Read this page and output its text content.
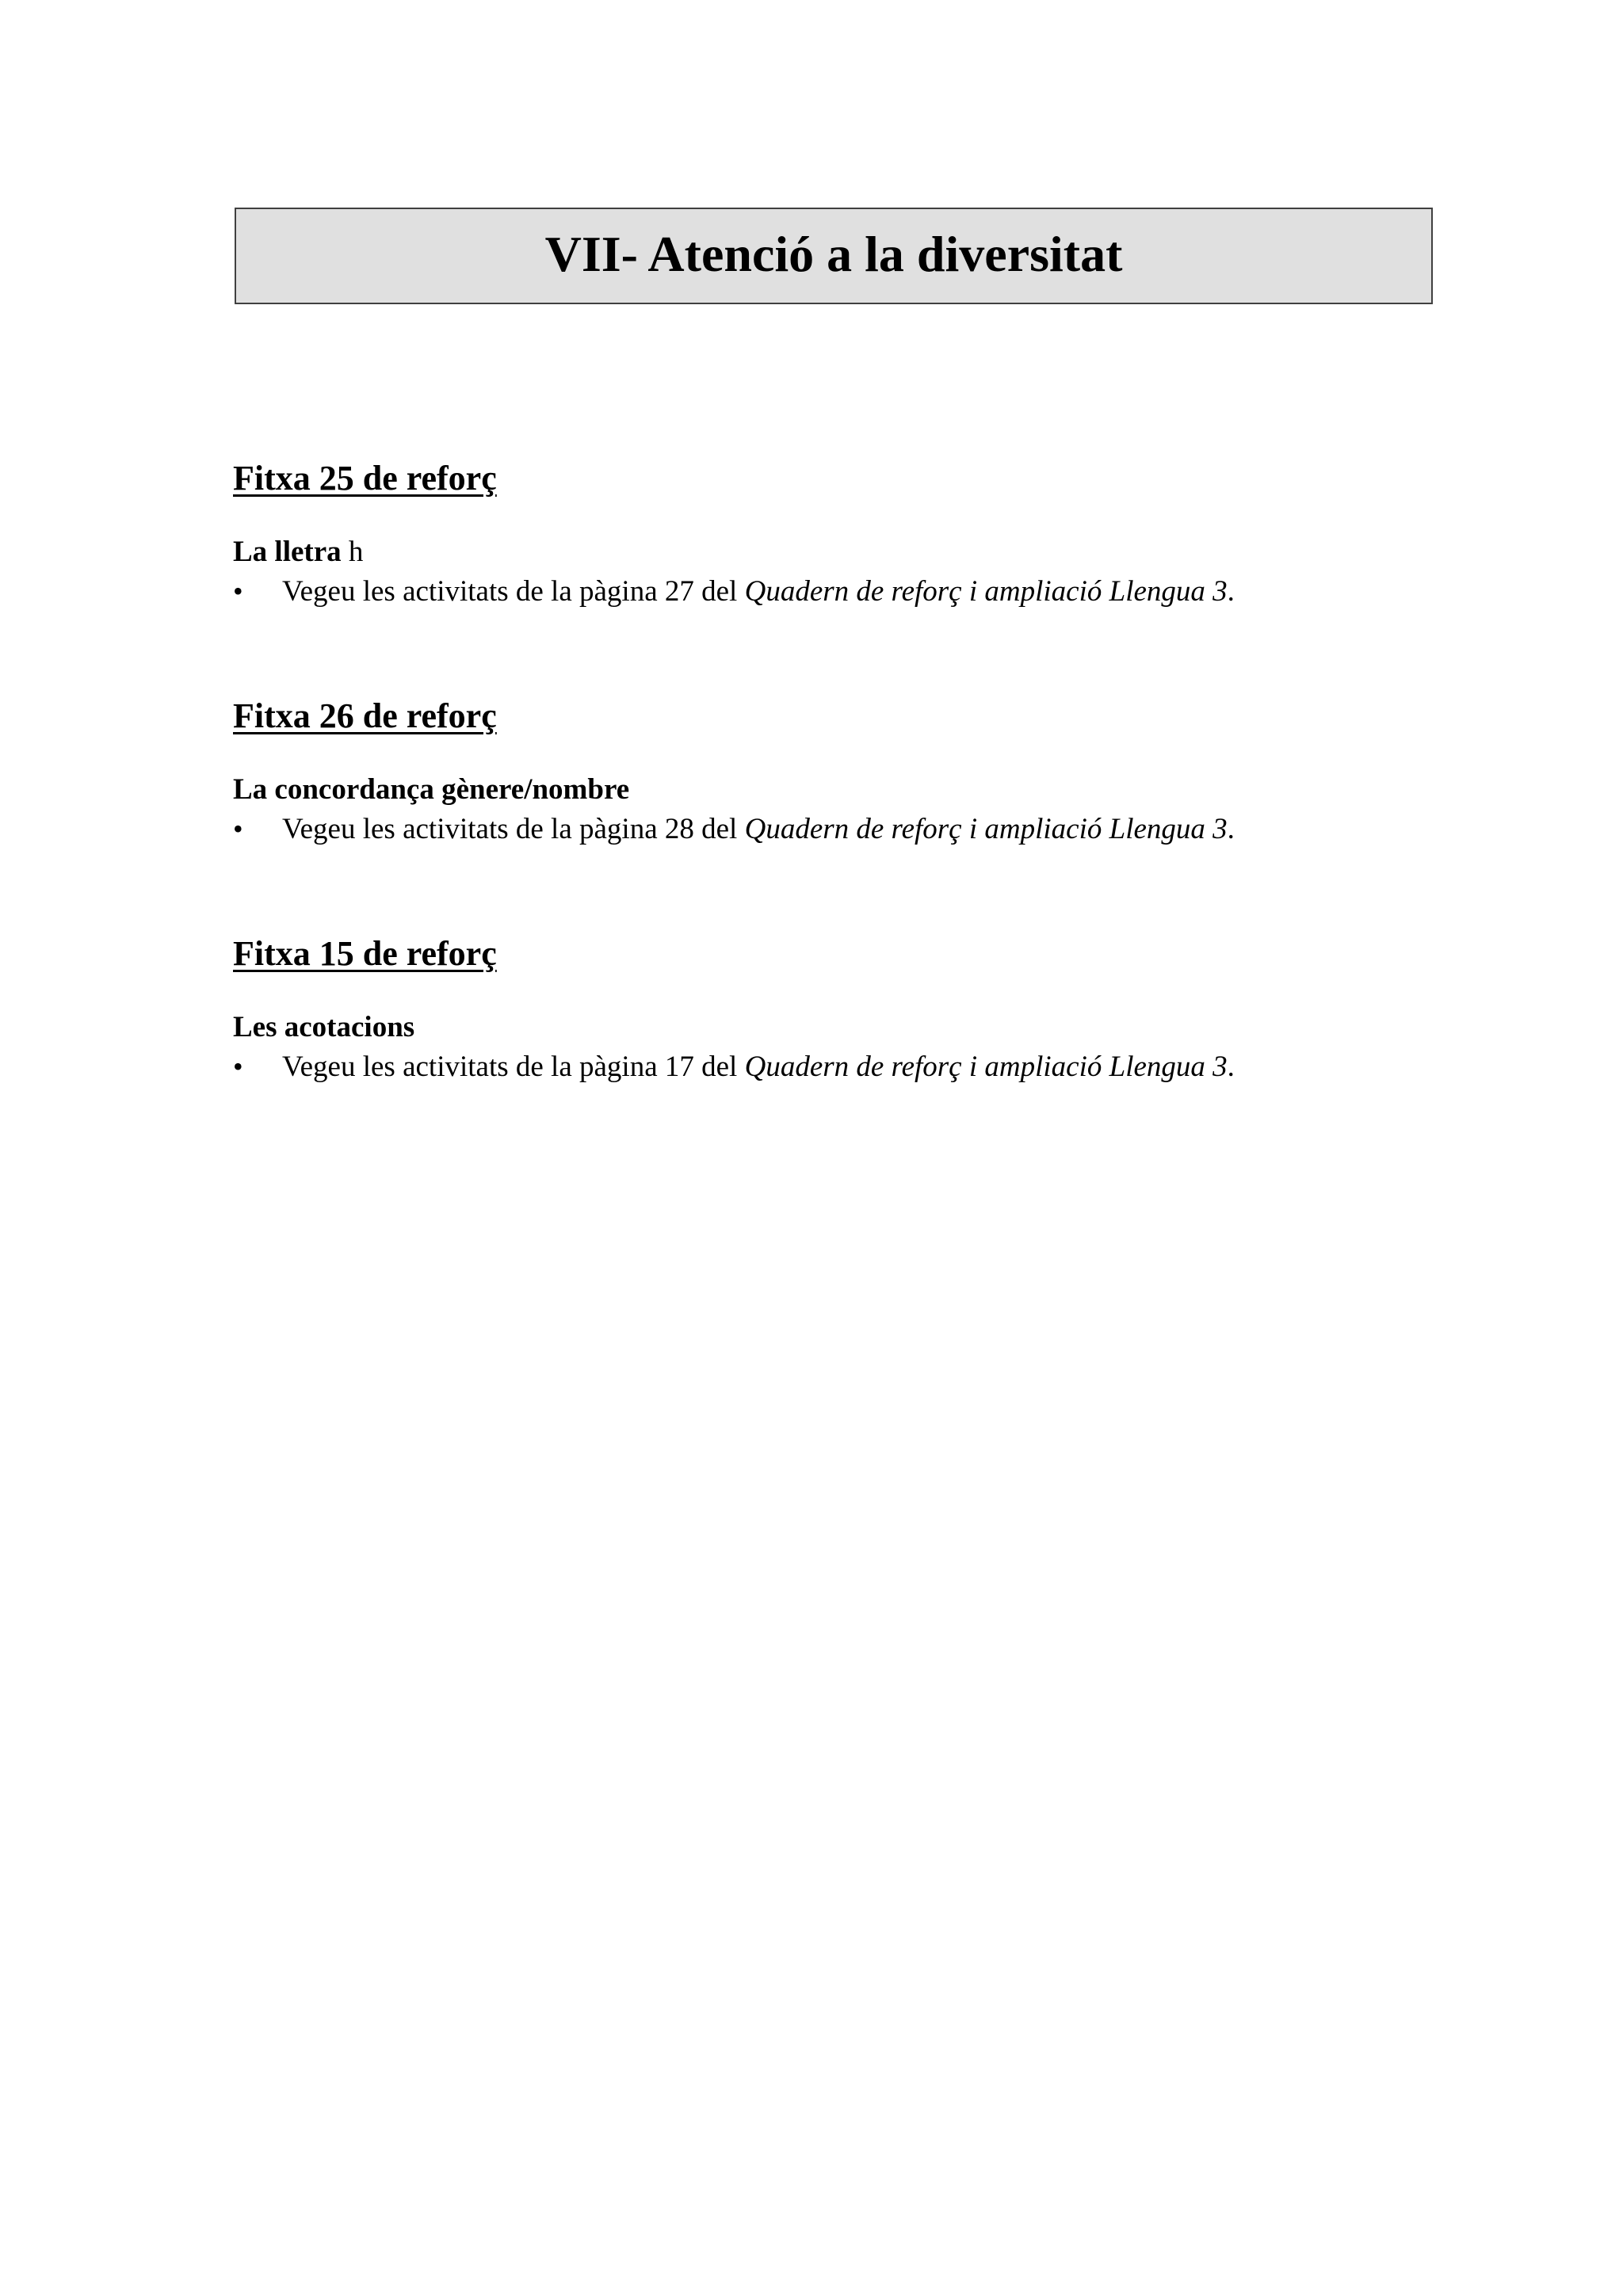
VII- Atenció a la diversitat
Fitxa 25 de reforç
La lletra h
•	Vegeu les activitats de la pàgina 27 del Quadern de reforç i ampliació Llengua 3.
Fitxa 26 de reforç
La concordança gènere/nombre
•	Vegeu les activitats de la pàgina 28 del Quadern de reforç i ampliació Llengua 3.
Fitxa 15 de reforç
Les acotacions
•	Vegeu les activitats de la pàgina 17 del Quadern de reforç i ampliació Llengua 3.
